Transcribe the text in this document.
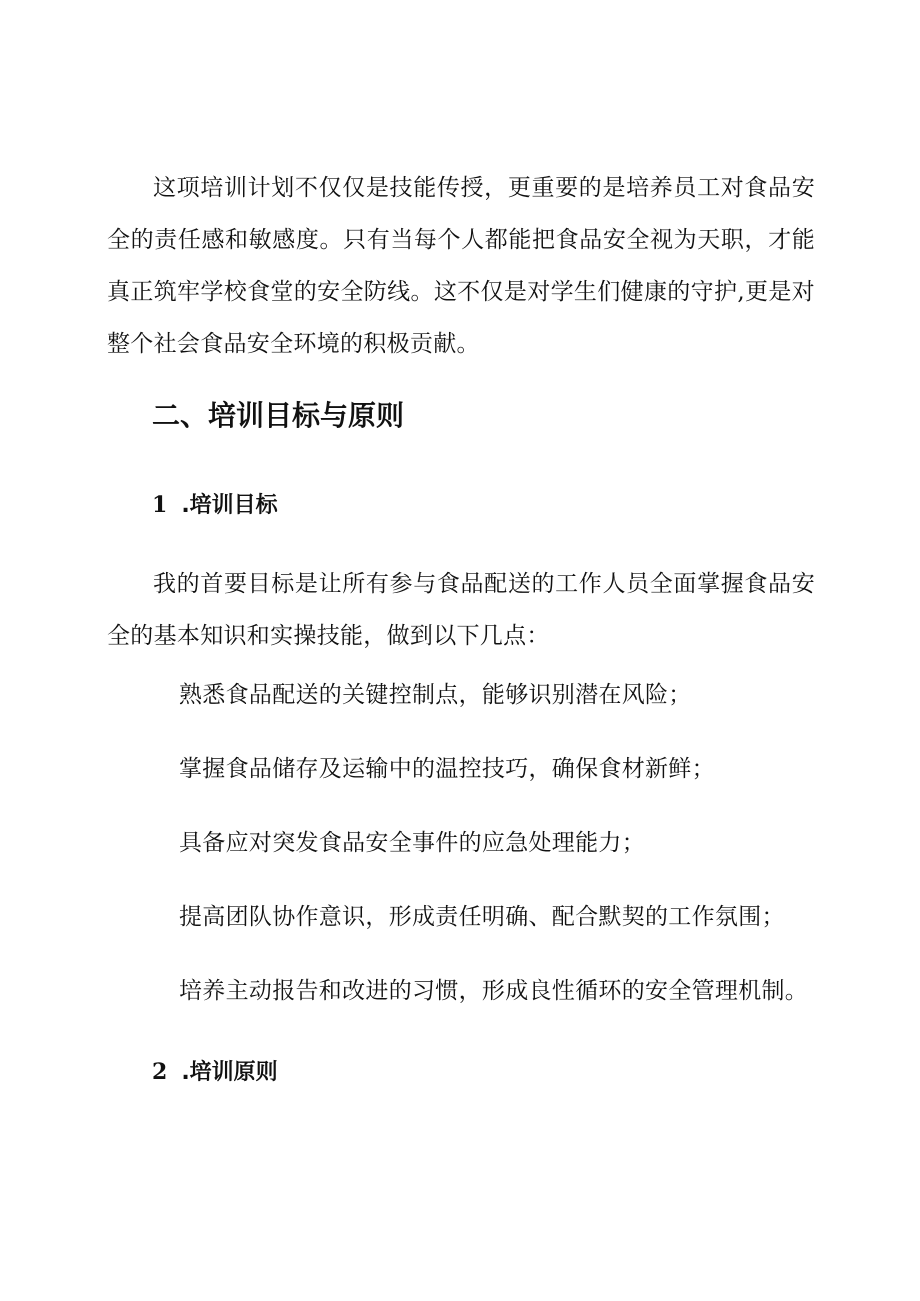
这项培训计划不仅仅是技能传授，更重要的是培养员工对食品安全的责任感和敏感度。只有当每个人都能把食品安全视为天职，才能真正筑牢学校食堂的安全防线。这不仅是对学生们健康的守护,更是对整个社会食品安全环境的积极贡献。

二、培训目标与原则
1 .培训目标

我的首要目标是让所有参与食品配送的工作人员全面掌握食品安全的基本知识和实操技能，做到以下几点：

熟悉食品配送的关键控制点，能够识别潜在风险；
掌握食品储存及运输中的温控技巧，确保食材新鲜；
具备应对突发食品安全事件的应急处理能力；
提高团队协作意识，形成责任明确、配合默契的工作氛围；
培养主动报告和改进的习惯，形成良性循环的安全管理机制。
2 .培训原则
